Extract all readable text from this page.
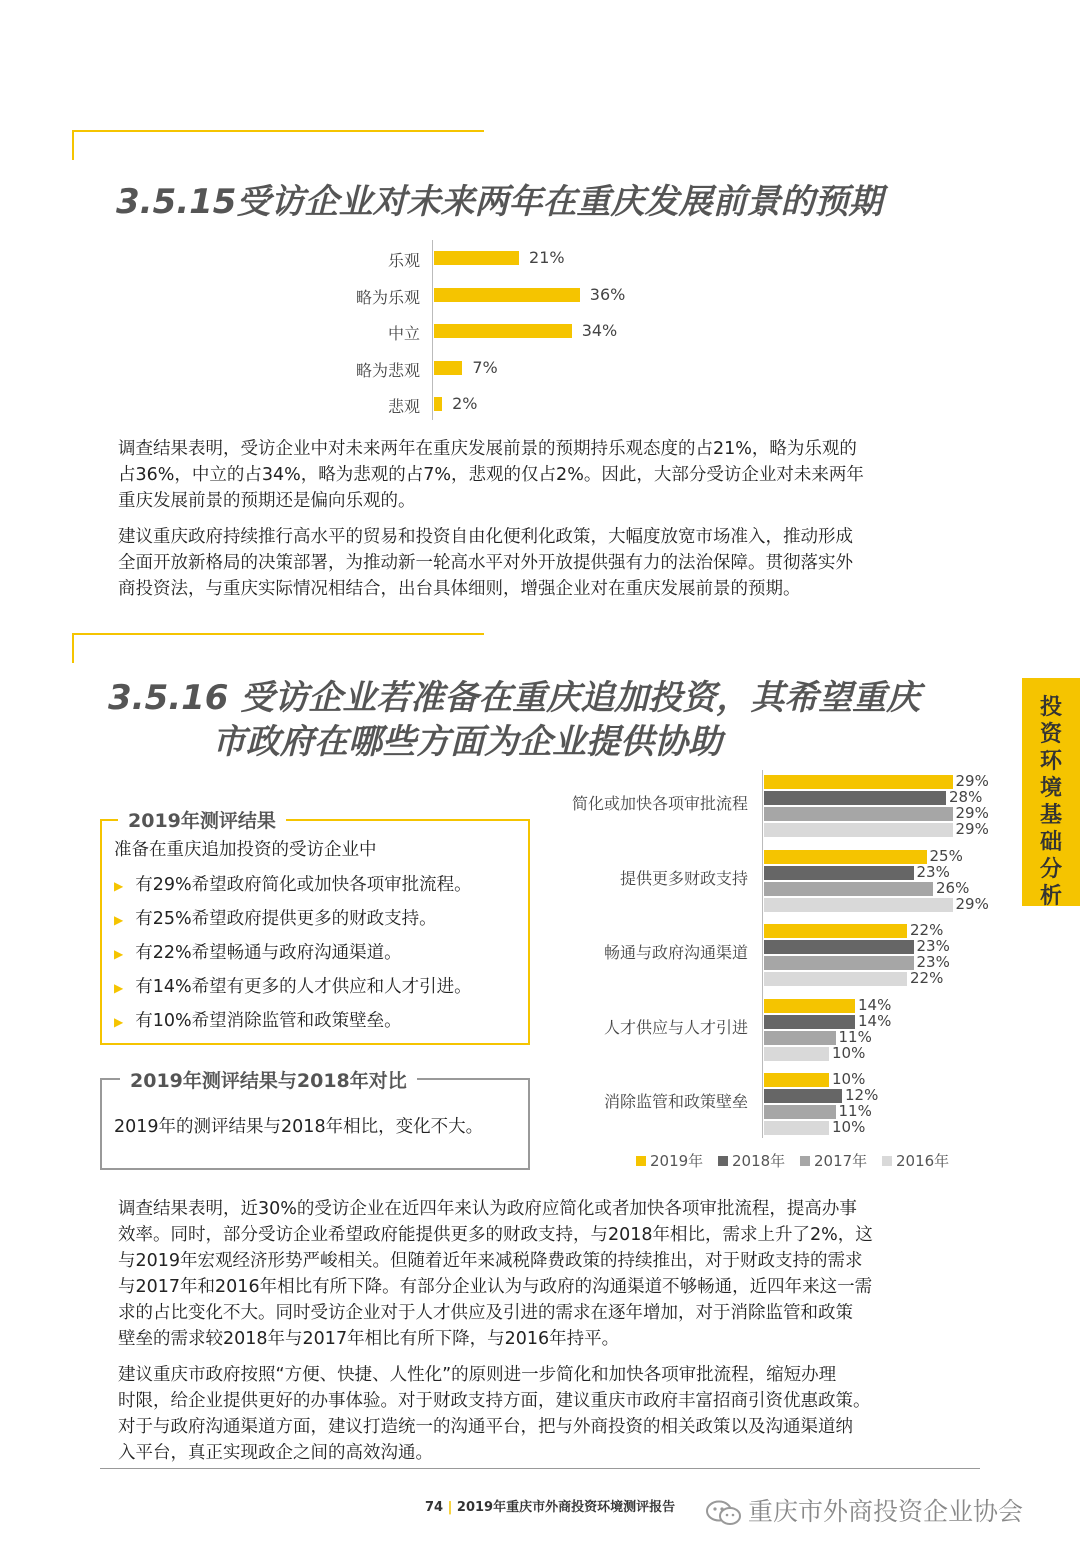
3.5.15受访企业对未来两年在重庆发展前景的预期
乐观	21%
略为乐观	36%
中立	34%
略为悲观	7%
悲观 2%
调查结果表明，受访企业中对未来两年在重庆发展前景的预期持乐观态度的占21%，略为乐观的
占36%，中立的占34%，略为悲观的占7%，悲观的仅占2%。因此，大部分受访企业对未来两年
重庆发展前景的预期还是偏向乐观的。
建议重庆政府持续推行高水平的贸易和投资自由化便利化政策，大幅度放宽市场准入，推动形成
全面开放新格局的决策部署，为推动新一轮高水平对外开放提供强有力的法治保障。贯彻落实外
商投资法，与重庆实际情况相结合，出台具体细则，增强企业对在重庆发展前景的预期。
3.5.16 受访企业若准备在重庆追加投资，其希望重庆
市政府在哪些方面为企业提供协助
2019年测评结果
准备在重庆追加投资的受访企业中
▶ 有29%希望政府简化或加快各项审批流程。
▶ 有25%希望政府提供更多的财政支持。
▶ 有22%希望畅通与政府沟通渠道。
▶ 有14%希望有更多的人才供应和人才引进。
▶ 有10%希望消除监管和政策壁垒。
2019年测评结果与2018年对比
2019年的测评结果与2018年相比，变化不大。
简化或加快各项审批流程
29%
28%
29%
29%
提供更多财政支持
25%
23%
26%
29%
畅通与政府沟通渠道
22%
23%
23%
22%
人才供应与人才引进
14%
14%
11%
10%
消除监管和政策壁垒
10%
12%
11%
10%
2019年	2018年	2017年	2016年
投
资
环
境
基
础
分
析
调查结果表明，近30%的受访企业在近四年来认为政府应简化或者加快各项审批流程，提高办事
效率。同时，部分受访企业希望政府能提供更多的财政支持，与2018年相比，需求上升了2%，这
与2019年宏观经济形势严峻相关。但随着近年来减税降费政策的持续推出，对于财政支持的需求
与2017年和2016年相比有所下降。有部分企业认为与政府的沟通渠道不够畅通，近四年来这一需
求的占比变化不大。同时受访企业对于人才供应及引进的需求在逐年增加，对于消除监管和政策
壁垒的需求较2018年与2017年相比有所下降，与2016年持平。
建议重庆市政府按照“方便、快捷、人性化”的原则进一步简化和加快各项审批流程，缩短办理
时限，给企业提供更好的办事体验。对于财政支持方面，建议重庆市政府丰富招商引资优惠政策。
对于与政府沟通渠道方面，建议打造统一的沟通平台，把与外商投资的相关政策以及沟通渠道纳
入平台，真正实现政企之间的高效沟通。
74 | 2019年重庆市外商投资环境测评报告	重庆市外商投资企业协会
